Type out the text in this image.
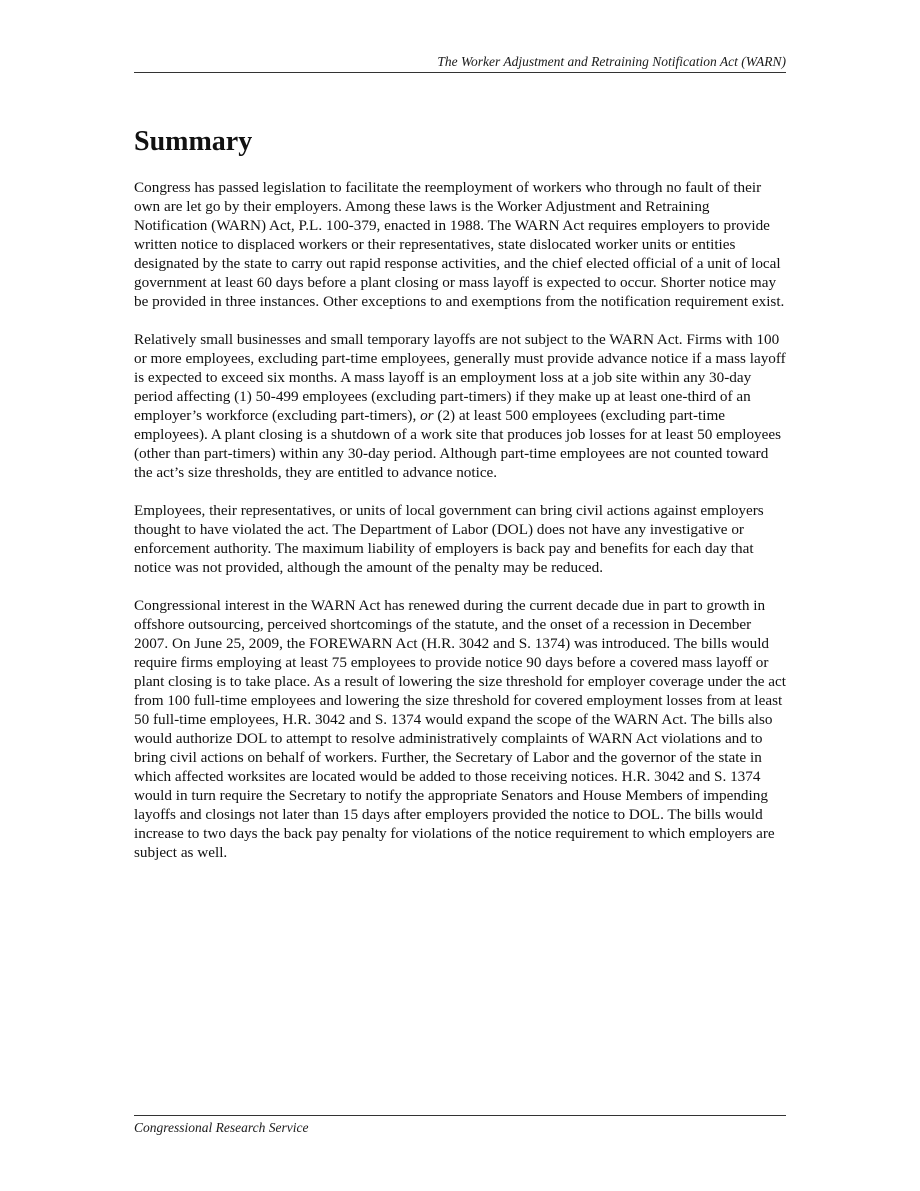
The Worker Adjustment and Retraining Notification Act (WARN)
Summary

Congress has passed legislation to facilitate the reemployment of workers who through no fault of their own are let go by their employers. Among these laws is the Worker Adjustment and Retraining Notification (WARN) Act, P.L. 100-379, enacted in 1988. The WARN Act requires employers to provide written notice to displaced workers or their representatives, state dislocated worker units or entities designated by the state to carry out rapid response activities, and the chief elected official of a unit of local government at least 60 days before a plant closing or mass layoff is expected to occur. Shorter notice may be provided in three instances. Other exceptions to and exemptions from the notification requirement exist.

Relatively small businesses and small temporary layoffs are not subject to the WARN Act. Firms with 100 or more employees, excluding part-time employees, generally must provide advance notice if a mass layoff is expected to exceed six months. A mass layoff is an employment loss at a job site within any 30-day period affecting (1) 50-499 employees (excluding part-timers) if they make up at least one-third of an employer’s workforce (excluding part-timers), or (2) at least 500 employees (excluding part-time employees). A plant closing is a shutdown of a work site that produces job losses for at least 50 employees (other than part-timers) within any 30-day period. Although part-time employees are not counted toward the act’s size thresholds, they are entitled to advance notice.

Employees, their representatives, or units of local government can bring civil actions against employers thought to have violated the act. The Department of Labor (DOL) does not have any investigative or enforcement authority. The maximum liability of employers is back pay and benefits for each day that notice was not provided, although the amount of the penalty may be reduced.

Congressional interest in the WARN Act has renewed during the current decade due in part to growth in offshore outsourcing, perceived shortcomings of the statute, and the onset of a recession in December 2007. On June 25, 2009, the FOREWARN Act (H.R. 3042 and S. 1374) was introduced. The bills would require firms employing at least 75 employees to provide notice 90 days before a covered mass layoff or plant closing is to take place. As a result of lowering the size threshold for employer coverage under the act from 100 full-time employees and lowering the size threshold for covered employment losses from at least 50 full-time employees, H.R. 3042 and S. 1374 would expand the scope of the WARN Act. The bills also would authorize DOL to attempt to resolve administratively complaints of WARN Act violations and to bring civil actions on behalf of workers. Further, the Secretary of Labor and the governor of the state in which affected worksites are located would be added to those receiving notices. H.R. 3042 and S. 1374 would in turn require the Secretary to notify the appropriate Senators and House Members of impending layoffs and closings not later than 15 days after employers provided the notice to DOL. The bills would increase to two days the back pay penalty for violations of the notice requirement to which employers are subject as well.

Congressional Research Service
